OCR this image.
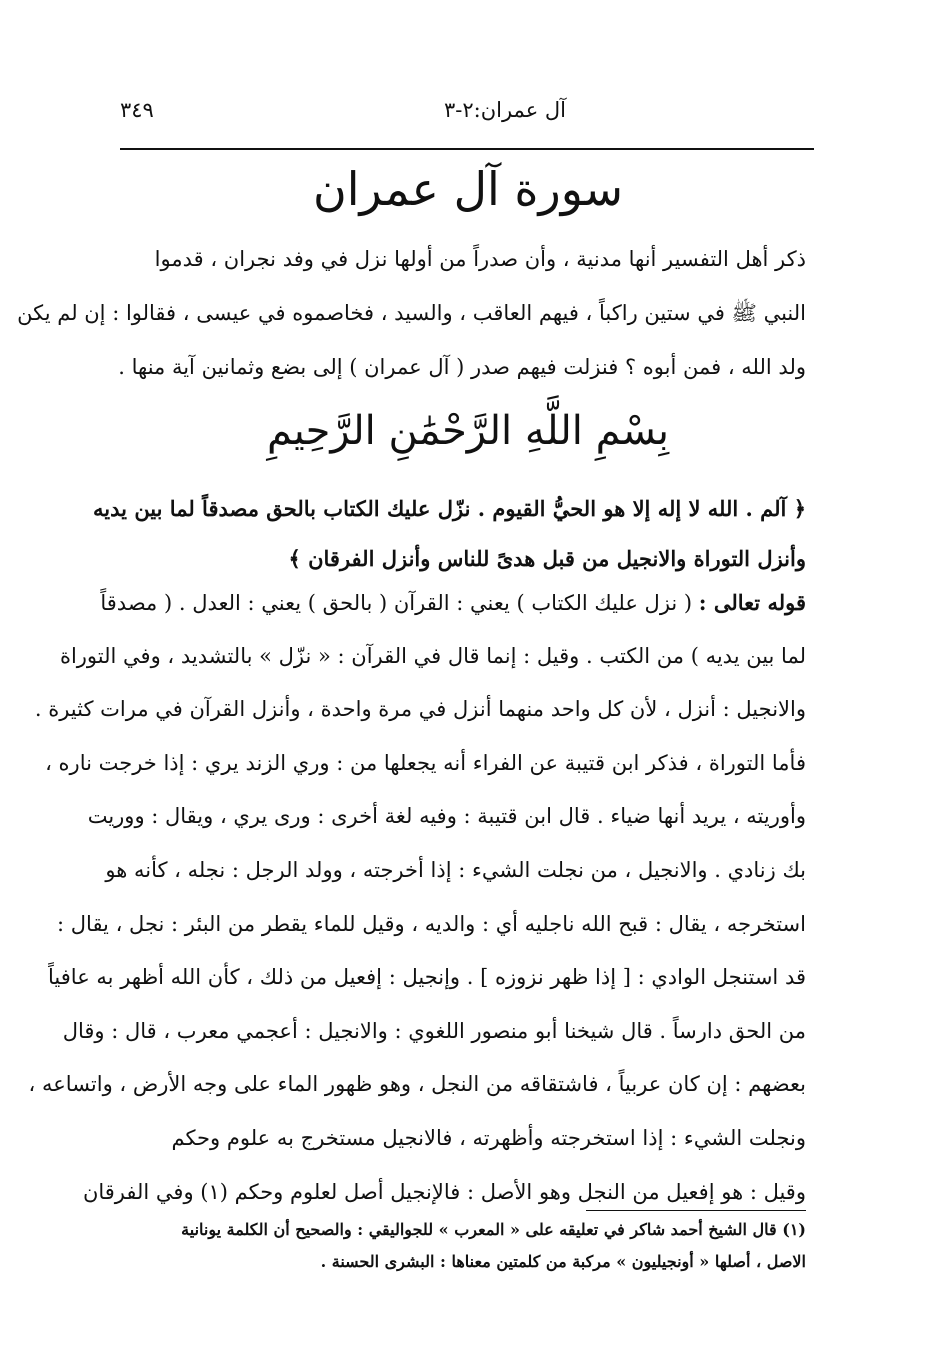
آل عمران:٢-٣
٣٤٩
سورة آل عمران
ذكر أهل التفسير أنها مدنية ، وأن صدراً من أولها نزل في وفد نجران ، قدموا
النبي ﷺ في ستين راكباً ، فيهم العاقب ، والسيد ، فخاصموه في عيسى ، فقالوا : إن لم يكن
ولد الله ، فمن أبوه ؟ فنزلت فيهم صدر ( آل عمران ) إلى بضع وثمانين آية منها .
بِسْمِ اللَّهِ الرَّحْمَٰنِ الرَّحِيمِ
﴿ آلم . الله لا إله إلا هو الحيُّ القيوم . نزّل عليك الكتاب بالحق مصدقاً لما بين يديه
وأنزل التوراة والانجيل من قبل هدىً للناس وأنزل الفرقان ﴾
قوله تعالى : ( نزل عليك الكتاب ) يعني : القرآن ( بالحق ) يعني : العدل . ( مصدقاً
لما بين يديه ) من الكتب . وقيل : إنما قال في القرآن : « نزّل » بالتشديد ، وفي التوراة
والانجيل : أنزل ، لأن كل واحد منهما أنزل في مرة واحدة ، وأنزل القرآن في مرات كثيرة .
فأما التوراة ، فذكر ابن قتيبة عن الفراء أنه يجعلها من : وري الزند يري : إذا خرجت ناره ،
وأوريته ، يريد أنها ضياء . قال ابن قتيبة : وفيه لغة أخرى : ورى يري ، ويقال : ووريت
بك زنادي . والانجيل ، من نجلت الشيء : إذا أخرجته ، وولد الرجل : نجله ، كأنه هو
استخرجه ، يقال : قبح الله ناجليه أي : والديه ، وقيل للماء يقطر من البئر : نجل ، يقال :
قد استنجل الوادي : [ إذا ظهر نزوزه ] . وإنجيل : إفعيل من ذلك ، كأن الله أظهر به عافياً
من الحق دارساً . قال شيخنا أبو منصور اللغوي : والانجيل : أعجمي معرب ، قال : وقال
بعضهم : إن كان عربياً ، فاشتقاقه من النجل ، وهو ظهور الماء على وجه الأرض ، واتساعه ،
ونجلت الشيء : إذا استخرجته وأظهرته ، فالانجيل مستخرج به علوم وحكم
وقيل : هو إفعيل من النجل وهو الأصل : فالإنجيل أصل لعلوم وحكم (١) وفي الفرقان
(١) قال الشيخ أحمد شاكر في تعليقه على « المعرب » للجواليقي : والصحيح أن الكلمة يونانية
الاصل ، أصلها « أونجيليون » مركبة من كلمتين معناها : البشرى الحسنة .
